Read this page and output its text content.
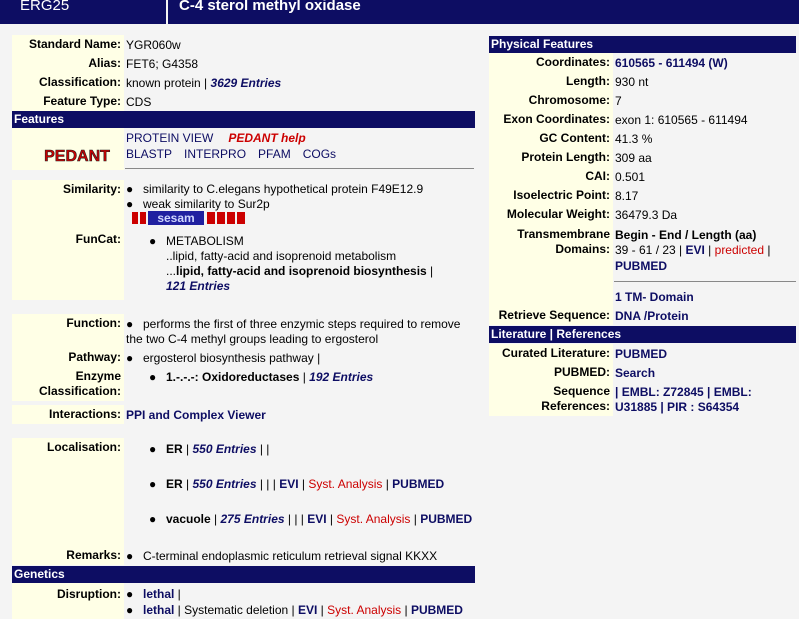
ERG25	C-4 sterol methyl oxidase
Standard Name: YGR060w
Alias: FET6; G4358
Classification: known protein | 3629 Entries
Feature Type: CDS
Features
PEDANT
PROTEIN VIEW PEDANT help
BLASTP INTERPRO PFAM COGs
Similarity: ● similarity to C.elegans hypothetical protein F49E12.9
● weak similarity to Sur2p
sesam
FunCat: ● METABOLISM
..lipid, fatty-acid and isoprenoid metabolism
...lipid, fatty-acid and isoprenoid biosynthesis |
121 Entries
Function: ● performs the first of three enzymic steps required to remove
the two C-4 methyl groups leading to ergosterol
Pathway: ● ergosterol biosynthesis pathway |
Enzyme
Classification:
● 1.-.-.-: Oxidoreductases | 192 Entries
Interactions: PPI and Complex Viewer
Localisation: ● ER | 550 Entries | |
● ER | 550 Entries | | | EVI | Syst. Analysis | PUBMED
● vacuole | 275 Entries | | | EVI | Syst. Analysis | PUBMED
Remarks: ● C-terminal endoplasmic reticulum retrieval signal KKXX
Genetics
Disruption: ● lethal |
● lethal | Systematic deletion | EVI | Syst. Analysis | PUBMED
Physical Features
Coordinates: 610565 - 611494 (W)
Length: 930 nt
Chromosome: 7
Exon Coordinates: exon 1: 610565 - 611494
GC Content: 41.3 %
Protein Length: 309 aa
CAI: 0.501
Isoelectric Point: 8.17
Molecular Weight: 36479.3 Da
Transmembrane
Domains:
Begin - End / Length (aa)
39 - 61 / 23 | EVI | predicted |
PUBMED
1 TM- Domain
Retrieve Sequence: DNA /Protein
Literature | References
Curated Literature: PUBMED
PUBMED: Search
Sequence
References:
| EMBL: Z72845 | EMBL:
U31885 | PIR : S64354
